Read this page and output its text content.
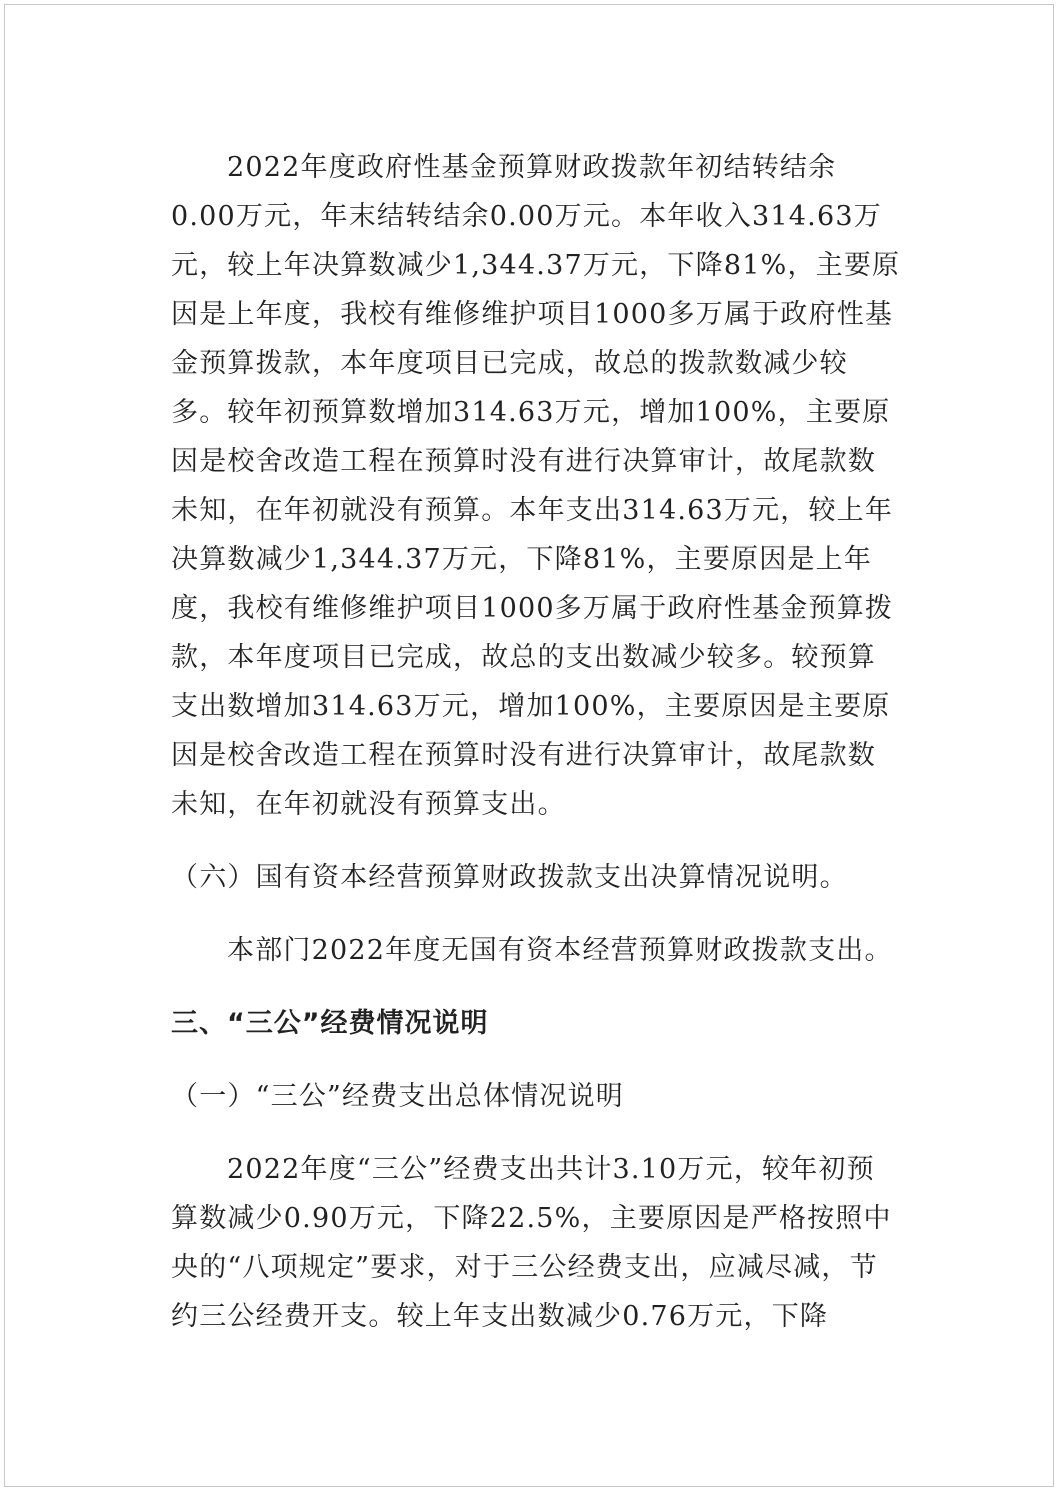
2022年度政府性基金预算财政拨款年初结转结余0.00万元，年末结转结余0.00万元。本年收入314.63万元，较上年决算数减少1,344.37万元，下降81%，主要原因是上年度，我校有维修维护项目1000多万属于政府性基金预算拨款，本年度项目已完成，故总的拨款数减少较多。较年初预算数增加314.63万元，增加100%，主要原因是校舍改造工程在预算时没有进行决算审计，故尾款数未知，在年初就没有预算。本年支出314.63万元，较上年决算数减少1,344.37万元，下降81%，主要原因是上年度，我校有维修维护项目1000多万属于政府性基金预算拨款，本年度项目已完成，故总的支出数减少较多。较预算支出数增加314.63万元，增加100%，主要原因是主要原因是校舍改造工程在预算时没有进行决算审计，故尾款数未知，在年初就没有预算支出。

（六）国有资本经营预算财政拨款支出决算情况说明。

本部门2022年度无国有资本经营预算财政拨款支出。

三、“三公”经费情况说明

（一）“三公”经费支出总体情况说明

2022年度“三公”经费支出共计3.10万元，较年初预算数减少0.90万元，下降22.5%，主要原因是严格按照中央的“八项规定”要求，对于三公经费支出，应减尽减，节约三公经费开支。较上年支出数减少0.76万元，下降
